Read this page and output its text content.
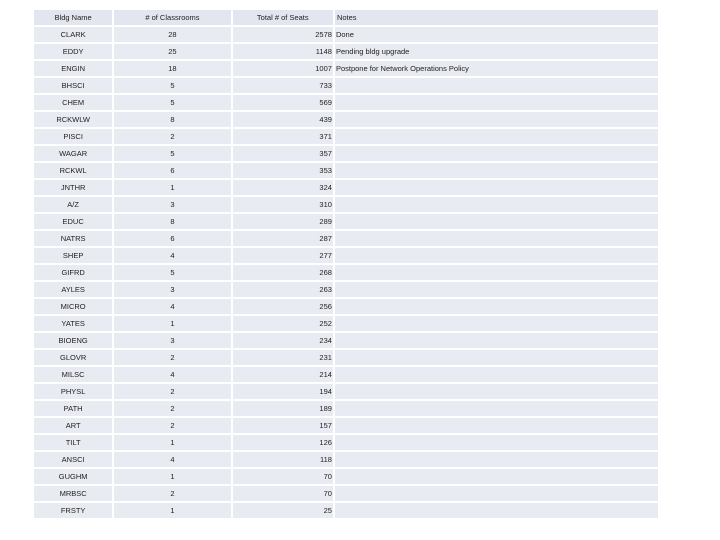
Bldg Name	# of Classrooms	Total # of Seats	Notes
CLARK	28	2578	Done
EDDY	25	1148	Pending bldg upgrade
ENGIN	18	1007	Postpone for Network Operations Policy
BHSCI	5	733	
CHEM	5	569	
RCKWLW	8	439	
PISCI	2	371	
WAGAR	5	357	
RCKWL	6	353	
JNTHR	1	324	
A/Z	3	310	
EDUC	8	289	
NATRS	6	287	
SHEP	4	277	
GIFRD	5	268	
AYLES	3	263	
MICRO	4	256	
YATES	1	252	
BIOENG	3	234	
GLOVR	2	231	
MILSC	4	214	
PHYSL	2	194	
PATH	2	189	
ART	2	157	
TILT	1	126	
ANSCI	4	118	
GUGHM	1	70	
MRBSC	2	70	
FRSTY	1	25	
